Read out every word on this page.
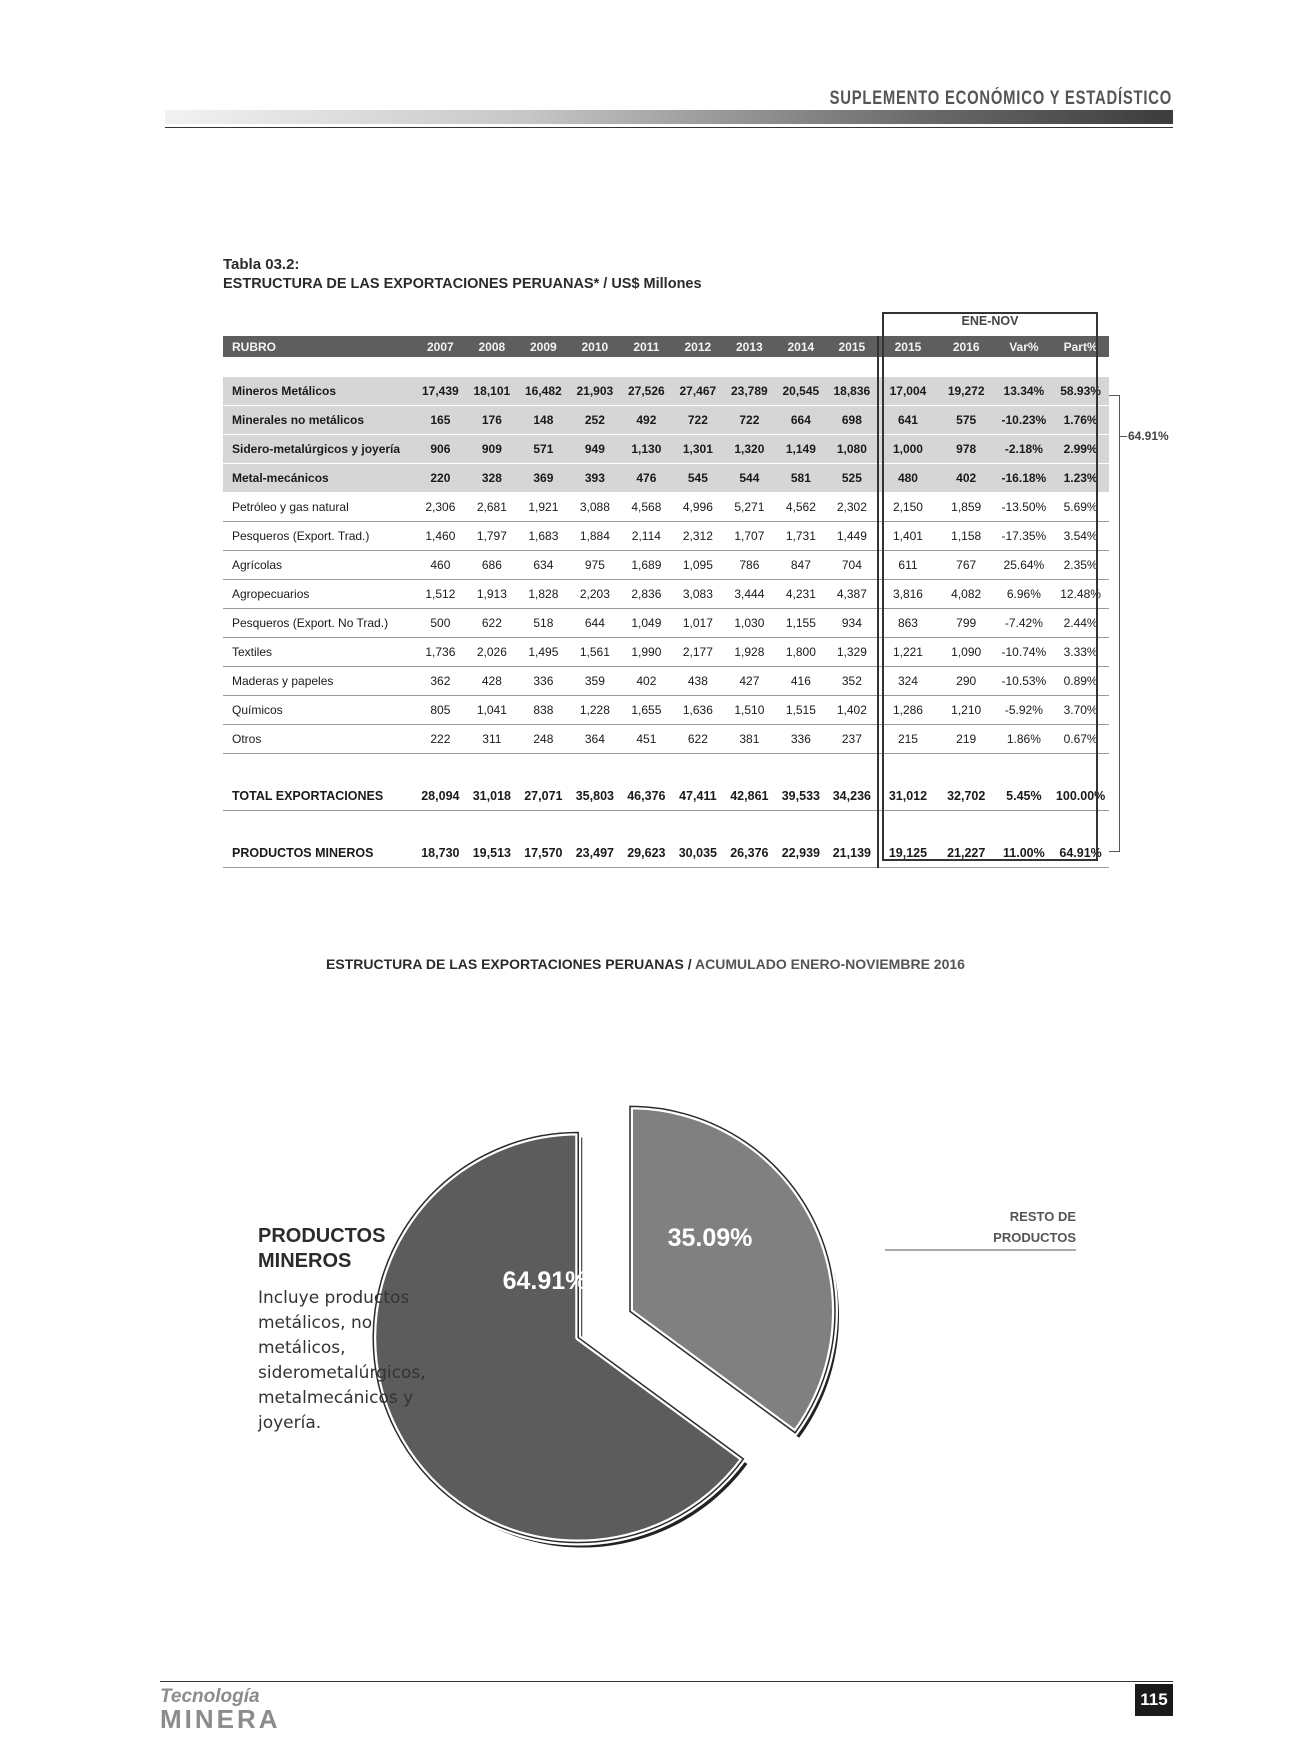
SUPLEMENTO ECONÓMICO Y ESTADÍSTICO
Tabla 03.2:
ESTRUCTURA DE LAS EXPORTACIONES PERUANAS* / US$ Millones
ENE-NOV
RUBRO	2007	2008	2009	2010	2011	2012	2013	2014	2015	2015	2016	Var%	Part%

Mineros Metálicos	17,439	18,101	16,482	21,903	27,526	27,467	23,789	20,545	18,836	17,004	19,272	13.34%	58.93%
Minerales no metálicos	165	176	148	252	492	722	722	664	698	641	575	-10.23%	1.76%
Sidero-metalúrgicos y joyería	906	909	571	949	1,130	1,301	1,320	1,149	1,080	1,000	978	-2.18%	2.99%
Metal-mecánicos	220	328	369	393	476	545	544	581	525	480	402	-16.18%	1.23%
Petróleo y gas natural	2,306	2,681	1,921	3,088	4,568	4,996	5,271	4,562	2,302	2,150	1,859	-13.50%	5.69%
Pesqueros (Export. Trad.)	1,460	1,797	1,683	1,884	2,114	2,312	1,707	1,731	1,449	1,401	1,158	-17.35%	3.54%
Agrícolas	460	686	634	975	1,689	1,095	786	847	704	611	767	25.64%	2.35%
Agropecuarios	1,512	1,913	1,828	2,203	2,836	3,083	3,444	4,231	4,387	3,816	4,082	6.96%	12.48%
Pesqueros (Export. No Trad.)	500	622	518	644	1,049	1,017	1,030	1,155	934	863	799	-7.42%	2.44%
Textiles	1,736	2,026	1,495	1,561	1,990	2,177	1,928	1,800	1,329	1,221	1,090	-10.74%	3.33%
Maderas y papeles	362	428	336	359	402	438	427	416	352	324	290	-10.53%	0.89%
Químicos	805	1,041	838	1,228	1,655	1,636	1,510	1,515	1,402	1,286	1,210	-5.92%	3.70%
Otros	222	311	248	364	451	622	381	336	237	215	219	1.86%	0.67%

TOTAL EXPORTACIONES	28,094	31,018	27,071	35,803	46,376	47,411	42,861	39,533	34,236	31,012	32,702	5.45%	100.00%

PRODUCTOS MINEROS	18,730	19,513	17,570	23,497	29,623	30,035	26,376	22,939	21,139	19,125	21,227	11.00%	64.91%
64.91%
ESTRUCTURA DE LAS EXPORTACIONES PERUANAS / ACUMULADO ENERO-NOVIEMBRE 2016
64.91%
35.09%
PRODUCTOS MINEROS
Incluye productos metálicos, no metálicos, siderometalúrgicos, metalmecánicos y joyería.
RESTO DE PRODUCTOS
Tecnología
MINERA
115
